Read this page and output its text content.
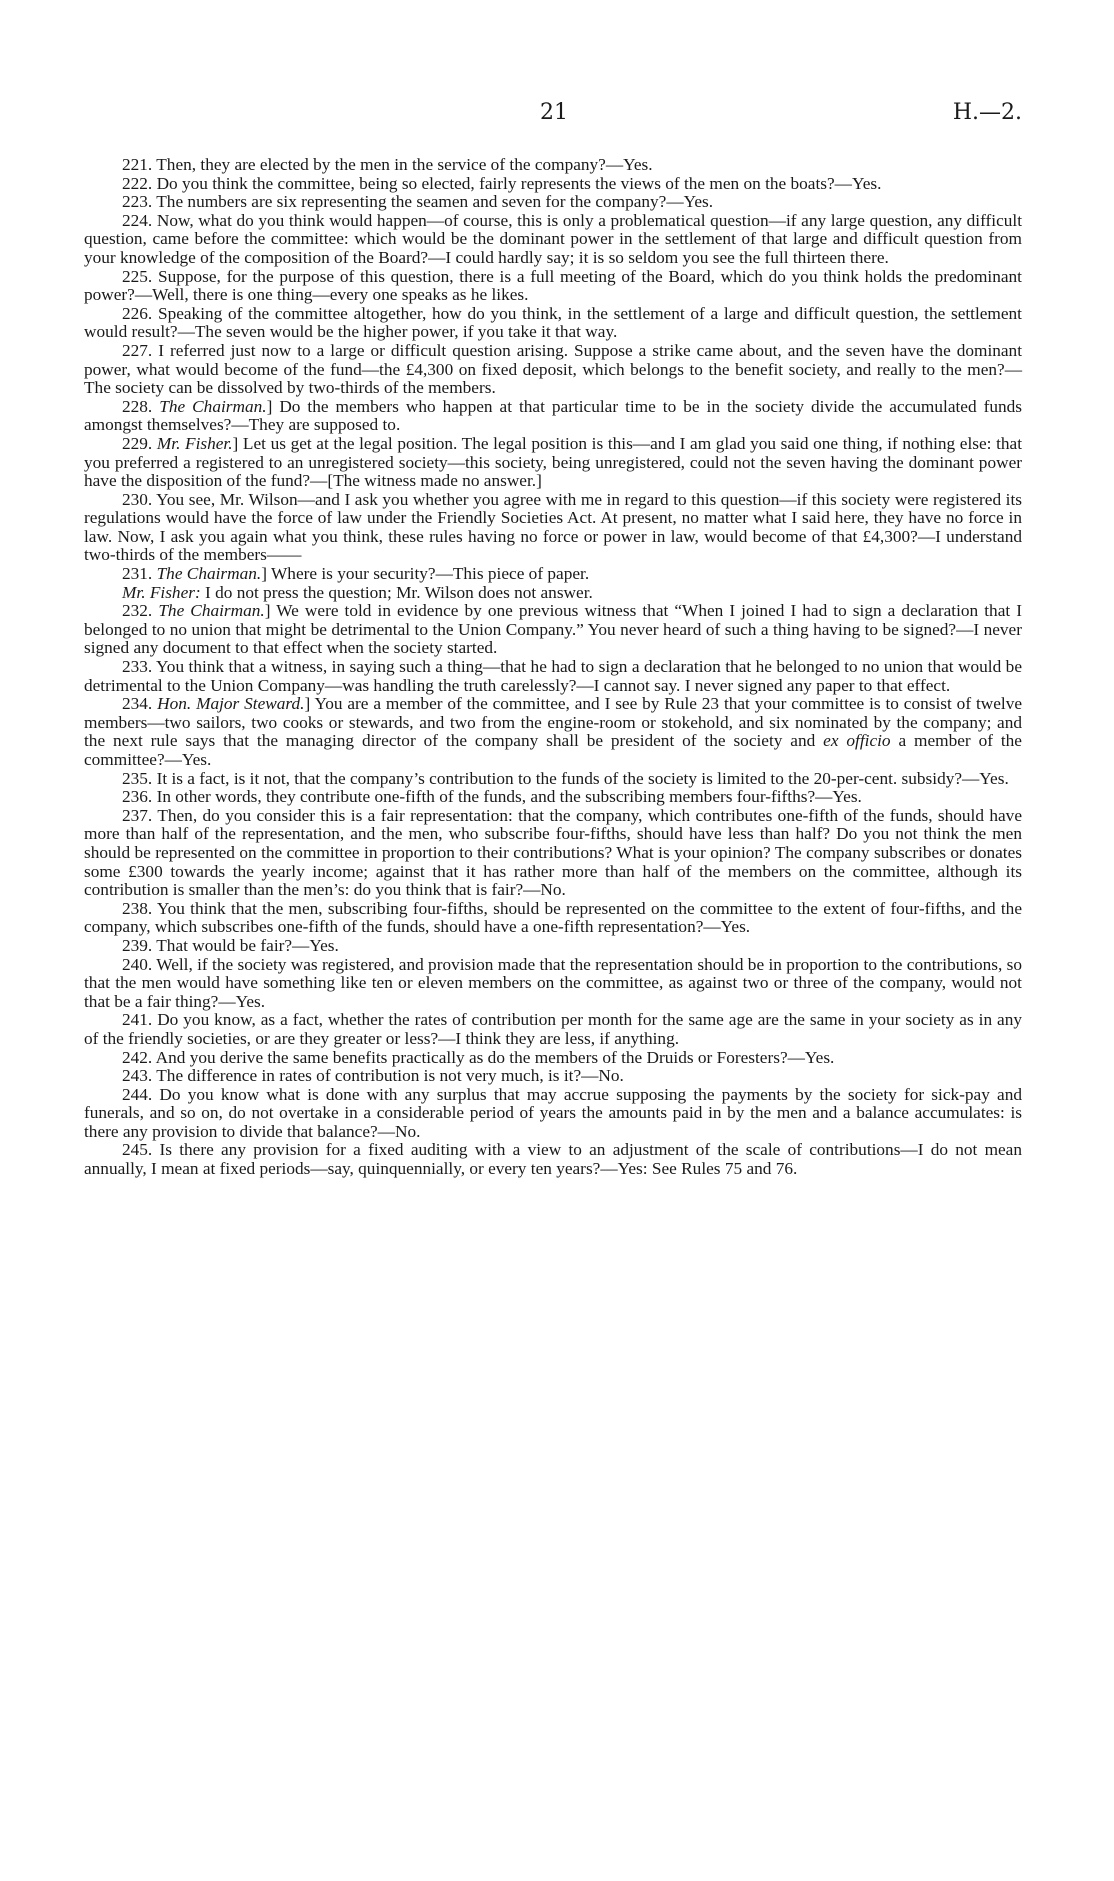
21	H.—2.

221. Then, they are elected by the men in the service of the company?—Yes.

222. Do you think the committee, being so elected, fairly represents the views of the men on the boats?—Yes.

223. The numbers are six representing the seamen and seven for the company?—Yes.

224. Now, what do you think would happen—of course, this is only a problematical question—if any large question, any difficult question, came before the committee: which would be the dominant power in the settlement of that large and difficult question from your knowledge of the composition of the Board?—I could hardly say; it is so seldom you see the full thirteen there.

225. Suppose, for the purpose of this question, there is a full meeting of the Board, which do you think holds the predominant power?—Well, there is one thing—every one speaks as he likes.

226. Speaking of the committee altogether, how do you think, in the settlement of a large and difficult question, the settlement would result?—The seven would be the higher power, if you take it that way.

227. I referred just now to a large or difficult question arising. Suppose a strike came about, and the seven have the dominant power, what would become of the fund—the £4,300 on fixed deposit, which belongs to the benefit society, and really to the men?—The society can be dissolved by two-thirds of the members.

228. The Chairman.] Do the members who happen at that particular time to be in the society divide the accumulated funds amongst themselves?—They are supposed to.

229. Mr. Fisher.] Let us get at the legal position. The legal position is this—and I am glad you said one thing, if nothing else: that you preferred a registered to an unregistered society—this society, being unregistered, could not the seven having the dominant power have the disposition of the fund?—[The witness made no answer.]

230. You see, Mr. Wilson—and I ask you whether you agree with me in regard to this question—if this society were registered its regulations would have the force of law under the Friendly Societies Act. At present, no matter what I said here, they have no force in law. Now, I ask you again what you think, these rules having no force or power in law, would become of that £4,300?—I understand two-thirds of the members——

231. The Chairman.] Where is your security?—This piece of paper.

Mr. Fisher: I do not press the question; Mr. Wilson does not answer.

232. The Chairman.] We were told in evidence by one previous witness that “When I joined I had to sign a declaration that I belonged to no union that might be detrimental to the Union Company.” You never heard of such a thing having to be signed?—I never signed any document to that effect when the society started.

233. You think that a witness, in saying such a thing—that he had to sign a declaration that he belonged to no union that would be detrimental to the Union Company—was handling the truth carelessly?—I cannot say. I never signed any paper to that effect.

234. Hon. Major Steward.] You are a member of the committee, and I see by Rule 23 that your committee is to consist of twelve members—two sailors, two cooks or stewards, and two from the engine-room or stokehold, and six nominated by the company; and the next rule says that the managing director of the company shall be president of the society and ex officio a member of the committee?—Yes.

235. It is a fact, is it not, that the company’s contribution to the funds of the society is limited to the 20-per-cent. subsidy?—Yes.

236. In other words, they contribute one-fifth of the funds, and the subscribing members four-fifths?—Yes.

237. Then, do you consider this is a fair representation: that the company, which contributes one-fifth of the funds, should have more than half of the representation, and the men, who subscribe four-fifths, should have less than half? Do you not think the men should be represented on the committee in proportion to their contributions? What is your opinion? The company subscribes or donates some £300 towards the yearly income; against that it has rather more than half of the members on the committee, although its contribution is smaller than the men’s: do you think that is fair?—No.

238. You think that the men, subscribing four-fifths, should be represented on the committee to the extent of four-fifths, and the company, which subscribes one-fifth of the funds, should have a one-fifth representation?—Yes.

239. That would be fair?—Yes.

240. Well, if the society was registered, and provision made that the representation should be in proportion to the contributions, so that the men would have something like ten or eleven members on the committee, as against two or three of the company, would not that be a fair thing?—Yes.

241. Do you know, as a fact, whether the rates of contribution per month for the same age are the same in your society as in any of the friendly societies, or are they greater or less?—I think they are less, if anything.

242. And you derive the same benefits practically as do the members of the Druids or Foresters?—Yes.

243. The difference in rates of contribution is not very much, is it?—No.

244. Do you know what is done with any surplus that may accrue supposing the payments by the society for sick-pay and funerals, and so on, do not overtake in a considerable period of years the amounts paid in by the men and a balance accumulates: is there any provision to divide that balance?—No.

245. Is there any provision for a fixed auditing with a view to an adjustment of the scale of contributions—I do not mean annually, I mean at fixed periods—say, quinquennially, or every ten years?—Yes: See Rules 75 and 76.
